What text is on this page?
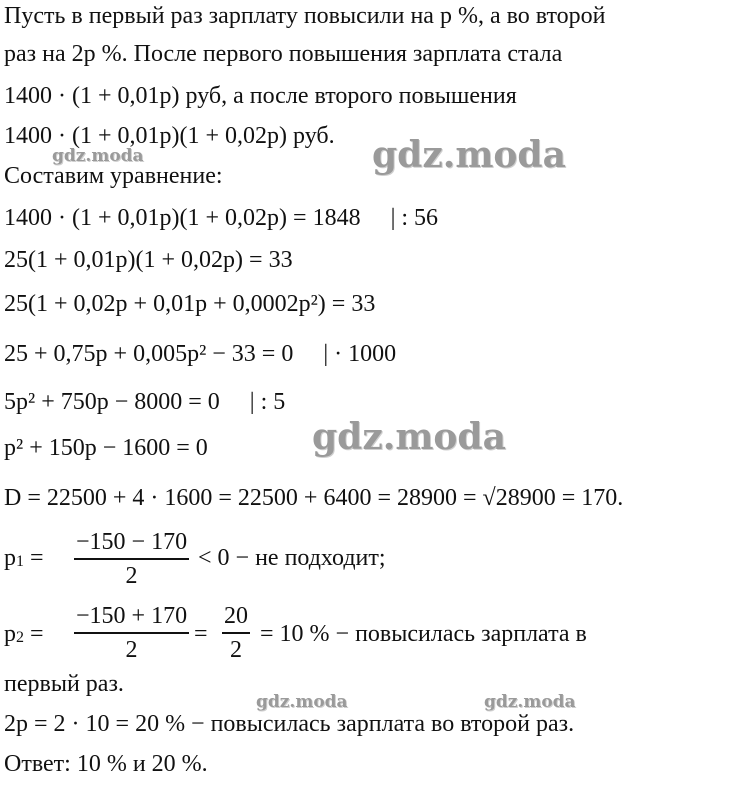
gdz.moda	gdz.moda
gdz.moda
gdz.moda	gdz.moda
Пусть в первый раз зарплату повысили на p %, а во второй
раз на 2p %. После первого повышения зарплата стала
1400 · (1 + 0,01p) руб, а после второго повышения
1400 · (1 + 0,01p)(1 + 0,02p) руб.
Составим уравнение:
1400 · (1 + 0,01p)(1 + 0,02p) = 1848     | : 56
25(1 + 0,01p)(1 + 0,02p) = 33
25(1 + 0,02p + 0,01p + 0,0002p²) = 33
25 + 0,75p + 0,005p² − 33 = 0     | · 1000
5p² + 750p − 8000 = 0     | : 5
p² + 150p − 1600 = 0
D = 22500 + 4 · 1600 = 22500 + 6400 = 28900 = √28900 = 170.
$p_1$ =
−150 − 170
2
< 0 − не подходит;
$p_2$ =
−150 + 170
2
=
20
2
= 10 % − повысилась зарплата в
первый раз.
2p = 2 · 10 = 20 % − повысилась зарплата во второй раз.
Ответ: 10 % и 20 %.
